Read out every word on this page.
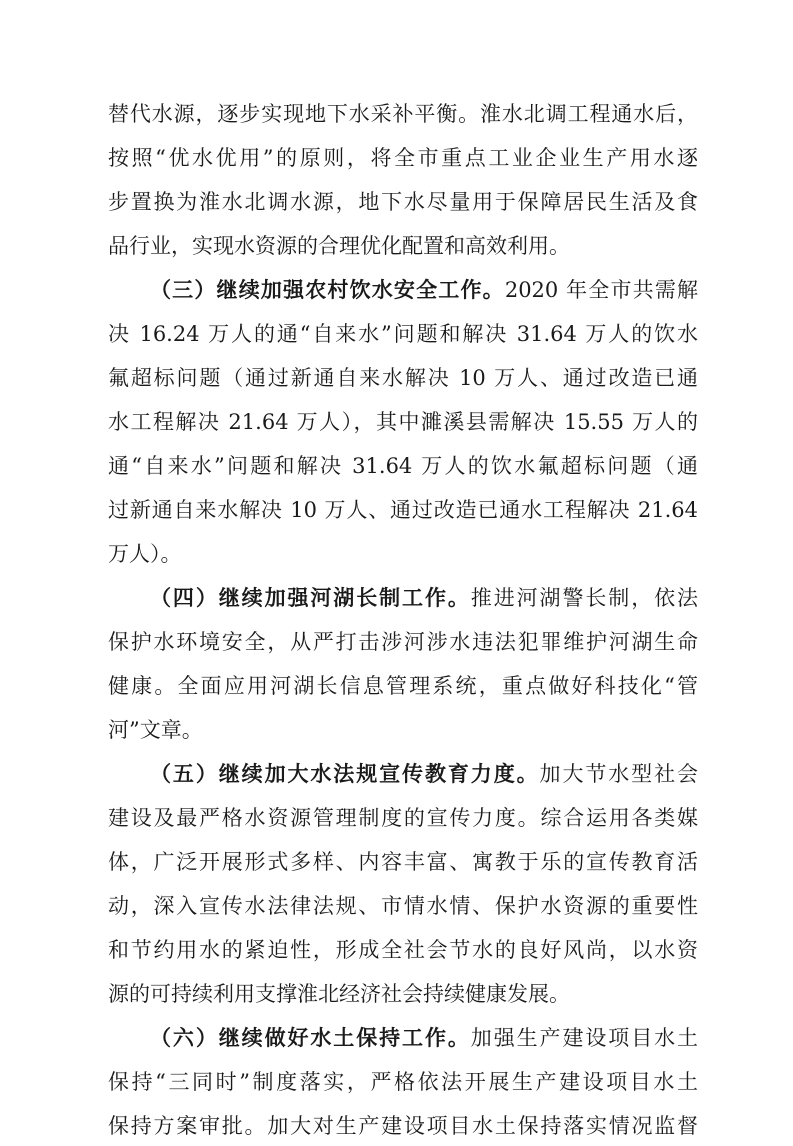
替代水源，逐步实现地下水采补平衡。淮水北调工程通水后，
按照“优水优用”的原则，将全市重点工业企业生产用水逐
步置换为淮水北调水源，地下水尽量用于保障居民生活及食
品行业，实现水资源的合理优化配置和高效利用。
（三）继续加强农村饮水安全工作。2020 年全市共需解
决 16.24 万人的通“自来水”问题和解决 31.64 万人的饮水
氟超标问题（通过新通自来水解决 10 万人、通过改造已通
水工程解决 21.64 万人），其中濉溪县需解决 15.55 万人的
通“自来水”问题和解决 31.64 万人的饮水氟超标问题（通
过新通自来水解决 10 万人、通过改造已通水工程解决 21.64
万人）。
（四）继续加强河湖长制工作。推进河湖警长制，依法
保护水环境安全，从严打击涉河涉水违法犯罪维护河湖生命
健康。全面应用河湖长信息管理系统，重点做好科技化“管
河”文章。
（五）继续加大水法规宣传教育力度。加大节水型社会
建设及最严格水资源管理制度的宣传力度。综合运用各类媒
体，广泛开展形式多样、内容丰富、寓教于乐的宣传教育活
动，深入宣传水法律法规、市情水情、保护水资源的重要性
和节约用水的紧迫性，形成全社会节水的良好风尚，以水资
源的可持续利用支撑淮北经济社会持续健康发展。
（六）继续做好水土保持工作。加强生产建设项目水土
保持“三同时”制度落实，严格依法开展生产建设项目水土
保持方案审批。加大对生产建设项目水土保持落实情况监督
